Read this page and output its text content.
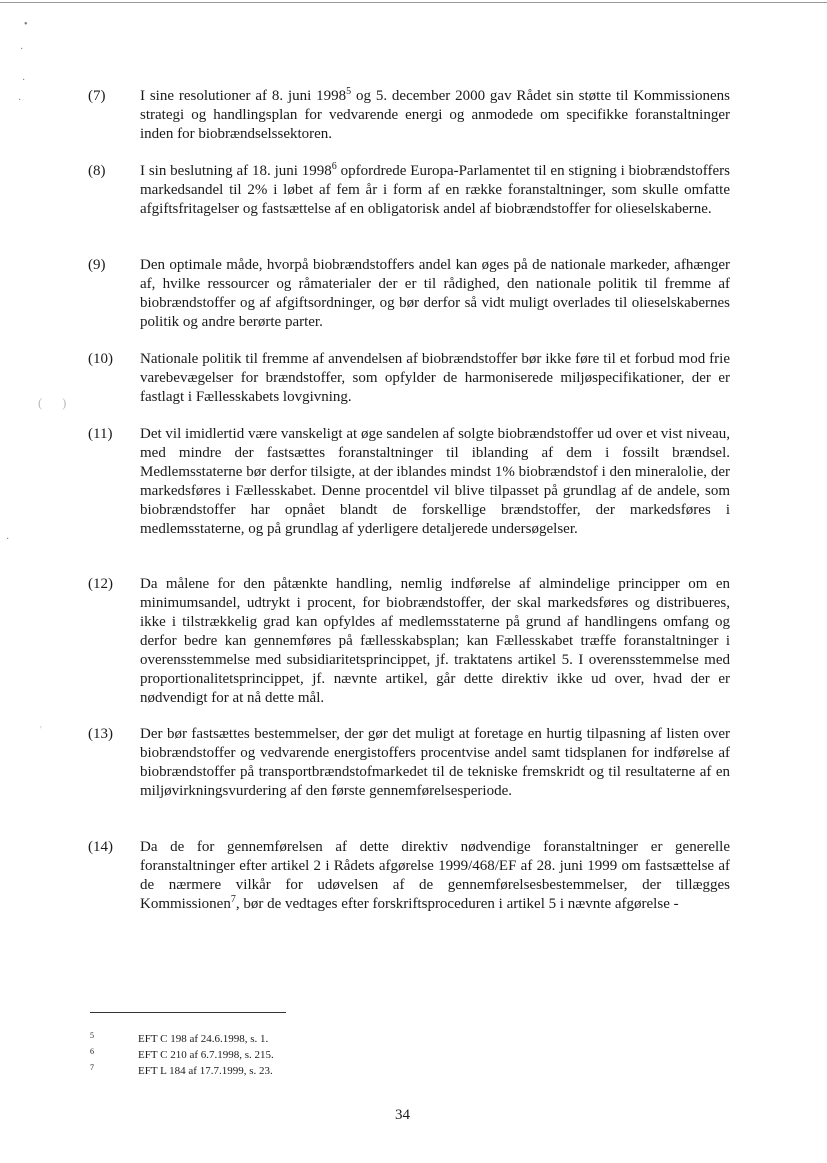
•
·
·
·
( )
·
'
(7)	I sine resolutioner af 8. juni 1998$^5$ og 5. december 2000 gav Rådet sin støtte til Kommissionens strategi og handlingsplan for vedvarende energi og anmodede om specifikke foranstaltninger inden for biobrændselssektoren.
(8)	I sin beslutning af 18. juni 1998$^6$ opfordrede Europa-Parlamentet til en stigning i biobrændstoffers markedsandel til 2% i løbet af fem år i form af en række foranstaltninger, som skulle omfatte afgiftsfritagelser og fastsættelse af en obligatorisk andel af biobrændstoffer for olieselskaberne.
(9)	Den optimale måde, hvorpå biobrændstoffers andel kan øges på de nationale markeder, afhænger af, hvilke ressourcer og råmaterialer der er til rådighed, den nationale politik til fremme af biobrændstoffer og af afgiftsordninger, og bør derfor så vidt muligt overlades til olieselskabernes politik og andre berørte parter.
(10)	Nationale politik til fremme af anvendelsen af biobrændstoffer bør ikke føre til et forbud mod frie varebevægelser for brændstoffer, som opfylder de harmoniserede miljøspecifikationer, der er fastlagt i Fællesskabets lovgivning.
(11)	Det vil imidlertid være vanskeligt at øge sandelen af solgte biobrændstoffer ud over et vist niveau, med mindre der fastsættes foranstaltninger til iblanding af dem i fossilt brændsel. Medlemsstaterne bør derfor tilsigte, at der iblandes mindst 1% biobrændstof i den mineralolie, der markedsføres i Fællesskabet. Denne procentdel vil blive tilpasset på grundlag af de andele, som biobrændstoffer har opnået blandt de forskellige brændstoffer, der markedsføres i medlemsstaterne, og på grundlag af yderligere detaljerede undersøgelser.
(12)	Da målene for den påtænkte handling, nemlig indførelse af almindelige principper om en minimumsandel, udtrykt i procent, for biobrændstoffer, der skal markedsføres og distribueres, ikke i tilstrækkelig grad kan opfyldes af medlemsstaterne på grund af handlingens omfang og derfor bedre kan gennemføres på fællesskabsplan; kan Fællesskabet træffe foranstaltninger i overensstemmelse med subsidiaritetsprincippet, jf. traktatens artikel 5. I overensstemmelse med proportionalitetsprincippet, jf. nævnte artikel, går dette direktiv ikke ud over, hvad der er nødvendigt for at nå dette mål.
(13)	Der bør fastsættes bestemmelser, der gør det muligt at foretage en hurtig tilpasning af listen over biobrændstoffer og vedvarende energistoffers procentvise andel samt tidsplanen for indførelse af biobrændstoffer på transportbrændstofmarkedet til de tekniske fremskridt og til resultaterne af en miljøvirkningsvurdering af den første gennemførelsesperiode.
(14)	Da de for gennemførelsen af dette direktiv nødvendige foranstaltninger er generelle foranstaltninger efter artikel 2 i Rådets afgørelse 1999/468/EF af 28. juni 1999 om fastsættelse af de nærmere vilkår for udøvelsen af de gennemførelsesbestemmelser, der tillægges Kommissionen$^7$, bør de vedtages efter forskriftsproceduren i artikel 5 i nævnte afgørelse -
5	EFT C 198 af 24.6.1998, s. 1.
6	EFT C 210 af 6.7.1998, s. 215.
7	EFT L 184 af 17.7.1999, s. 23.
34
